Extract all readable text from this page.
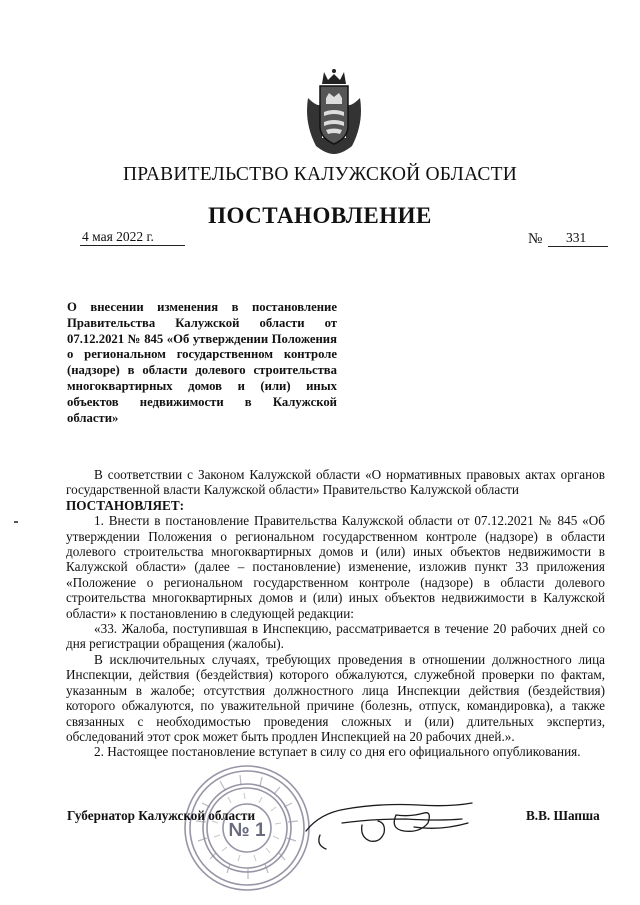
ПРАВИТЕЛЬСТВО КАЛУЖСКОЙ ОБЛАСТИ
ПОСТАНОВЛЕНИЕ
4 мая 2022 г.	№ 331
О внесении изменения в постановление Правительства Калужской области от 07.12.2021 № 845 «Об утверждении Положения о региональном государственном контроле (надзоре) в области долевого строительства многоквартирных домов и (или) иных объектов недвижимости в Калужской области»

В соответствии с Законом Калужской области «О нормативных правовых актах органов государственной власти Калужской области» Правительство Калужской области

ПОСТАНОВЛЯЕТ:

1. Внести в постановление Правительства Калужской области от 07.12.2021 № 845 «Об утверждении Положения о региональном государственном контроле (надзоре) в области долевого строительства многоквартирных домов и (или) иных объектов недвижимости в Калужской области» (далее – постановление) изменение, изложив пункт 33 приложения «Положение о региональном государственном контроле (надзоре) в области долевого строительства многоквартирных домов и (или) иных объектов недвижимости в Калужской области» к постановлению в следующей редакции:

«33. Жалоба, поступившая в Инспекцию, рассматривается в течение 20 рабочих дней со дня регистрации обращения (жалобы).

В исключительных случаях, требующих проведения в отношении должностного лица Инспекции, действия (бездействия) которого обжалуются, служебной проверки по фактам, указанным в жалобе; отсутствия должностного лица Инспекции действия (бездействия) которого обжалуются, по уважительной причине (болезнь, отпуск, командировка), а также связанных с необходимостью проведения сложных и (или) длительных экспертиз, обследований этот срок может быть продлен Инспекцией на 20 рабочих дней.».

2. Настоящее постановление вступает в силу со дня его официального опубликования.

№ 1
Губернатор Калужской области	В.В. Шапша
